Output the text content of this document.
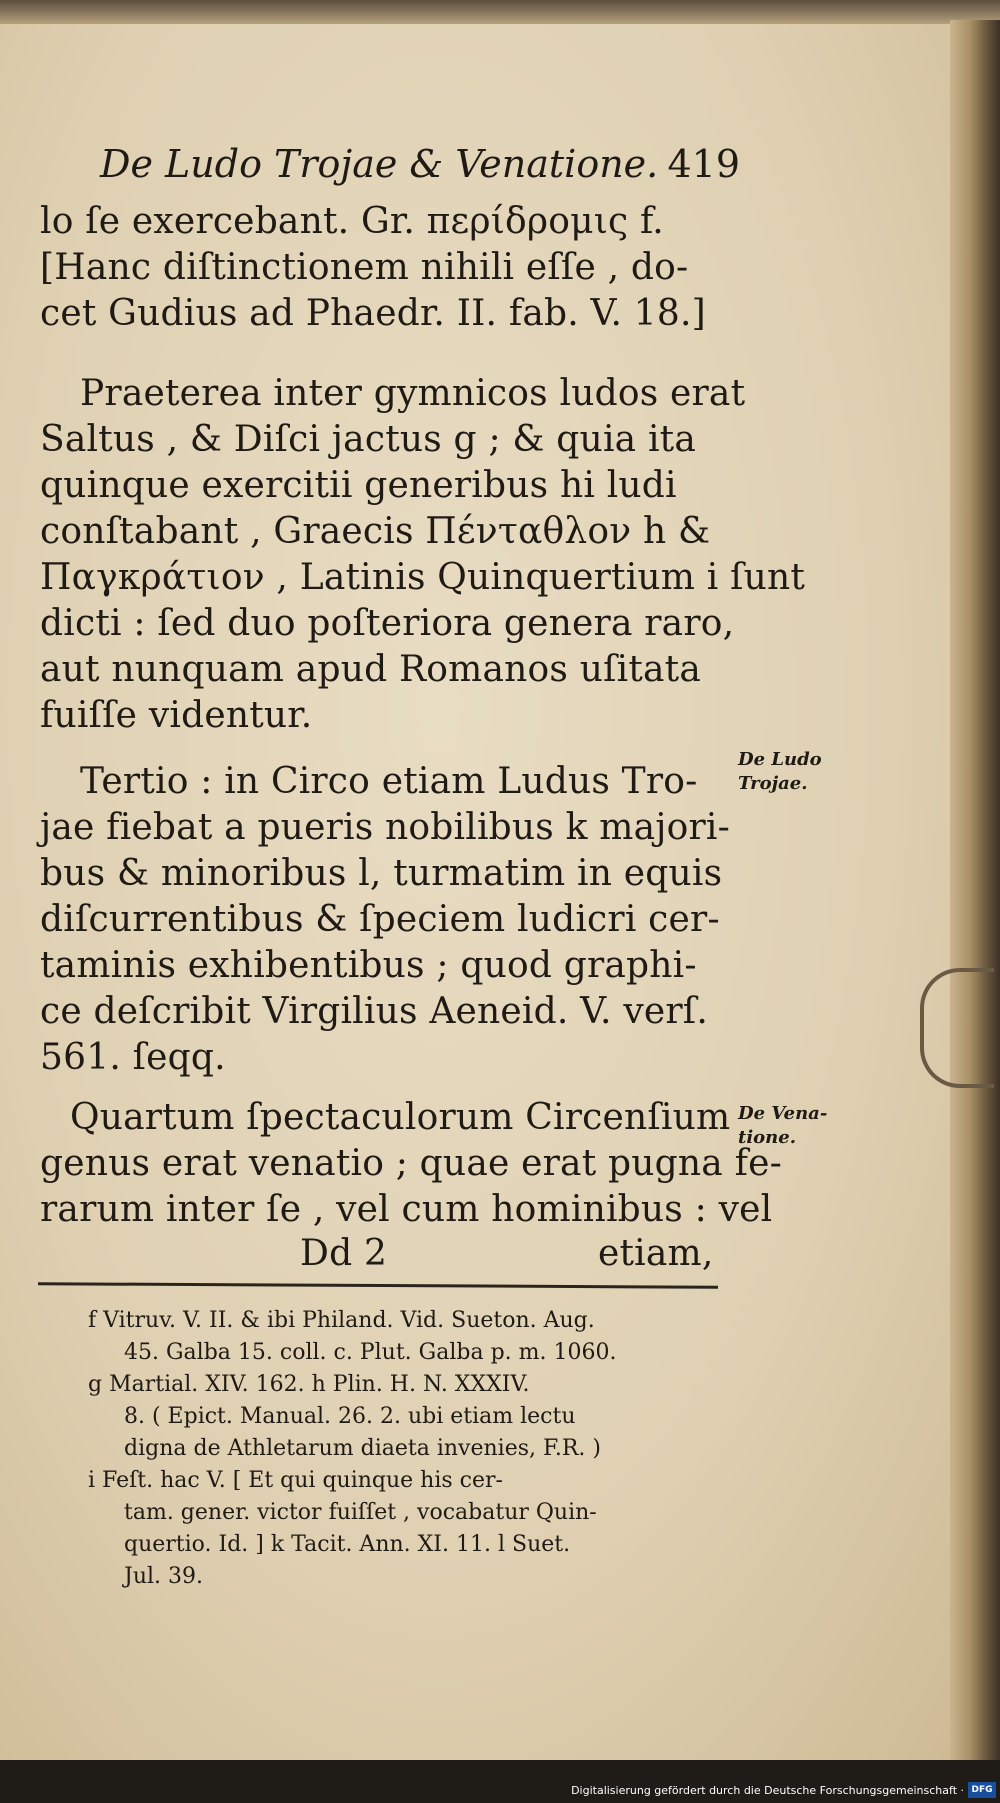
De Ludo Trojae & Venatione. 419
lo ſe exercebant. Gr. περίδρομις f.
[Hanc diſtinctionem nihili eſſe , do-
cet Gudius ad Phaedr. II. fab. V. 18.]
Praeterea inter gymnicos ludos erat
Saltus , & Diſci jactus g ; & quia ita
quinque exercitii generibus hi ludi
conſtabant , Graecis Πένταθλον h &
Παγκράτιον , Latinis Quinquertium i ſunt
dicti : ſed duo poſteriora genera raro,
aut nunquam apud Romanos uſitata
fuiſſe videntur.
Tertio : in Circo etiam Ludus Tro-
jae fiebat a pueris nobilibus k majori-
bus & minoribus l, turmatim in equis
diſcurrentibus & ſpeciem ludicri cer-
taminis exhibentibus ; quod graphi-
ce deſcribit Virgilius Aeneid. V. verſ.
561. ſeqq.
Quartum ſpectaculorum Circenſium
genus erat venatio ; quae erat pugna fe-
rarum inter ſe , vel cum hominibus : vel
Dd 2	etiam,
De Ludo
Trojae.
De Vena-
tione.
f Vitruv. V. II. & ibi Philand. Vid. Sueton. Aug.
45. Galba 15. coll. c. Plut. Galba p. m. 1060.
g Martial. XIV. 162. h Plin. H. N. XXXIV.
8. ( Epict. Manual. 26. 2. ubi etiam lectu
digna de Athletarum diaeta invenies, F.R. )
i Feſt. hac V. [ Et qui quinque his cer-
tam. gener. victor fuiſſet , vocabatur Quin-
quertio. Id. ] k Tacit. Ann. XI. 11. l Suet.
Jul. 39.
Digitalisierung gefördert durch die Deutsche Forschungsgemeinschaft · DFG
